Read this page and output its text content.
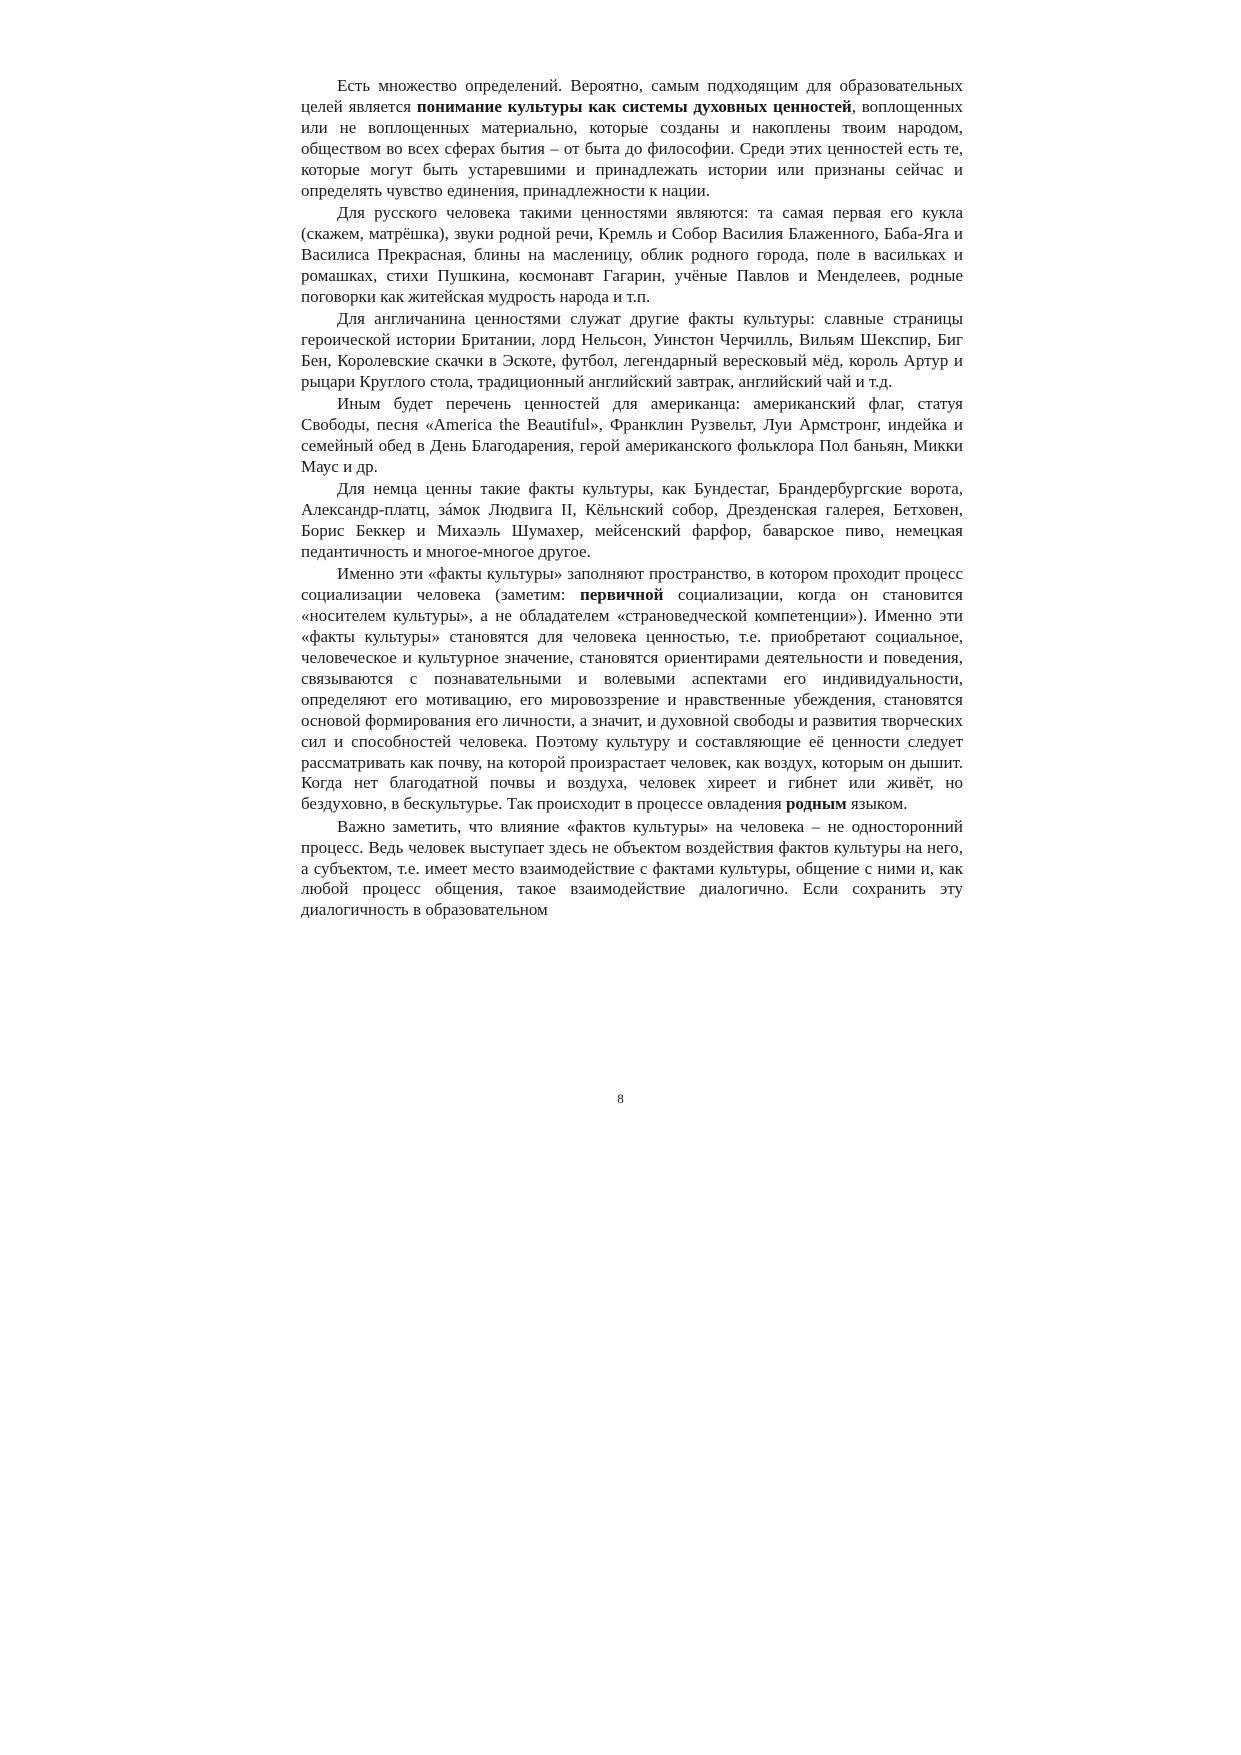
Есть множество определений. Вероятно, самым подходящим для образовательных целей является понимание культуры как системы духовных ценностей, воплощенных или не воплощенных материально, которые созданы и накоплены твоим народом, обществом во всех сферах бытия – от быта до философии. Среди этих ценностей есть те, которые могут быть устаревшими и принадлежать истории или признаны сейчас и определять чувство единения, принадлежности к нации.

Для русского человека такими ценностями являются: та самая первая его кукла (скажем, матрёшка), звуки родной речи, Кремль и Собор Василия Блаженного, Баба-Яга и Василиса Прекрасная, блины на масленицу, облик родного города, поле в васильках и ромашках, стихи Пушкина, космонавт Гагарин, учёные Павлов и Менделеев, родные поговорки как житейская мудрость народа и т.п.

Для англичанина ценностями служат другие факты культуры: славные страницы героической истории Британии, лорд Нельсон, Уинстон Черчилль, Вильям Шекспир, Биг Бен, Королевские скачки в Эскоте, футбол, легендарный вересковый мёд, король Артур и рыцари Круглого стола, традиционный английский завтрак, английский чай и т.д.

Иным будет перечень ценностей для американца: американский флаг, статуя Свободы, песня «America the Beautiful», Франклин Рузвельт, Луи Армстронг, индейка и семейный обед в День Благодарения, герой американского фольклора Пол баньян, Микки Маус и др.

Для немца ценны такие факты культуры, как Бундестаг, Брандербургские ворота, Александр-платц, зáмок Людвига II, Кёльнский собор, Дрезденская галерея, Бетховен, Борис Беккер и Михаэль Шумахер, мейсенский фарфор, баварское пиво, немецкая педантичность и многое-многое другое.

Именно эти «факты культуры» заполняют пространство, в котором проходит процесс социализации человека (заметим: первичной социализации, когда он становится «носителем культуры», а не обладателем «страноведческой компетенции»). Именно эти «факты культуры» становятся для человека ценностью, т.е. приобретают социальное, человеческое и культурное значение, становятся ориентирами деятельности и поведения, связываются с познавательными и волевыми аспектами его индивидуальности, определяют его мотивацию, его мировоззрение и нравственные убеждения, становятся основой формирования его личности, а значит, и духовной свободы и развития творческих сил и способностей человека. Поэтому культуру и составляющие её ценности следует рассматривать как почву, на которой произрастает человек, как воздух, которым он дышит. Когда нет благодатной почвы и воздуха, человек хиреет и гибнет или живёт, но бездуховно, в бескультурье. Так происходит в процессе овладения родным языком.

Важно заметить, что влияние «фактов культуры» на человека – не односторонний процесс. Ведь человек выступает здесь не объектом воздействия фактов культуры на него, а субъектом, т.е. имеет место взаимодействие с фактами культуры, общение с ними и, как любой процесс общения, такое взаимодействие диалогично. Если сохранить эту диалогичность в образовательном

8
